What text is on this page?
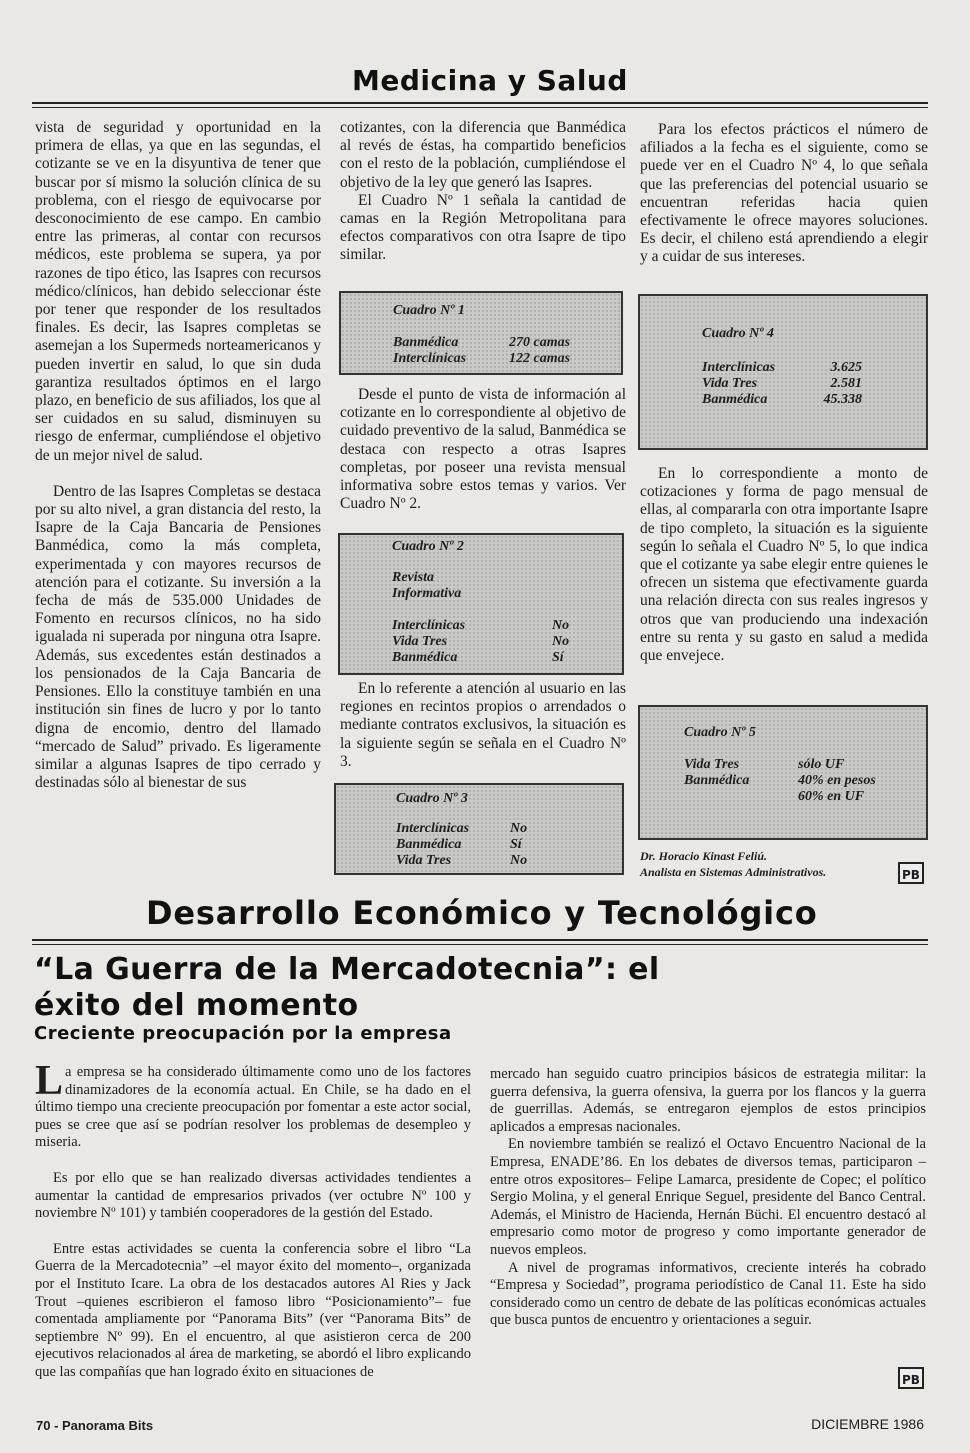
Medicina y Salud

vista de seguridad y oportunidad en la primera de ellas, ya que en las segundas, el cotizante se ve en la disyuntiva de tener que buscar por sí mismo la solución clínica de su problema, con el riesgo de equivocarse por desconocimiento de ese campo. En cambio entre las primeras, al contar con recursos médicos, este problema se supera, ya por razones de tipo ético, las Isapres con recursos médico/clínicos, han debido seleccionar éste por tener que responder de los resultados finales. Es decir, las Isapres completas se asemejan a los Supermeds norteamericanos y pueden invertir en salud, lo que sin duda garantiza resultados óptimos en el largo plazo, en beneficio de sus afiliados, los que al ser cuidados en su salud, disminuyen su riesgo de enfermar, cumpliéndose el objetivo de un mejor nivel de salud.

Dentro de las Isapres Completas se destaca por su alto nivel, a gran distancia del resto, la Isapre de la Caja Bancaria de Pensiones Banmédica, como la más completa, experimentada y con mayores recursos de atención para el cotizante. Su inversión a la fecha de más de 535.000 Unidades de Fomento en recursos clínicos, no ha sido igualada ni superada por ninguna otra Isapre. Además, sus excedentes están destinados a los pensionados de la Caja Bancaria de Pensiones. Ello la constituye también en una institución sin fines de lucro y por lo tanto digna de encomio, dentro del llamado “mercado de Salud” privado. Es ligeramente similar a algunas Isapres de tipo cerrado y destinadas sólo al bienestar de sus

cotizantes, con la diferencia que Banmédica al revés de éstas, ha compartido beneficios con el resto de la población, cumpliéndose el objetivo de la ley que generó las Isapres.

El Cuadro Nº 1 señala la cantidad de camas en la Región Metropolitana para efectos comparativos con otra Isapre de tipo similar.

Desde el punto de vista de información al cotizante en lo correspondiente al objetivo de cuidado preventivo de la salud, Banmédica se destaca con respecto a otras Isapres completas, por poseer una revista mensual informativa sobre estos temas y varios. Ver Cuadro Nº 2.

En lo referente a atención al usuario en las regiones en recintos propios o arrendados o mediante contratos exclusivos, la situación es la siguiente según se señala en el Cuadro Nº 3.

Cuadro Nº 1
Banmédica	270 camas
Interclínicas	122 camas
Cuadro Nº 2
Revista
Informativa
Interclínicas	No
Vida Tres	No
Banmédica	Sí
Cuadro Nº 3
Interclínicas	No
Banmédica	Sí
Vida Tres	No

Para los efectos prácticos el número de afiliados a la fecha es el siguiente, como se puede ver en el Cuadro Nº 4, lo que señala que las preferencias del potencial usuario se encuentran referidas hacia quien efectivamente le ofrece mayores soluciones. Es decir, el chileno está aprendiendo a elegir y a cuidar de sus intereses.

En lo correspondiente a monto de cotizaciones y forma de pago mensual de ellas, al compararla con otra importante Isapre de tipo completo, la situación es la siguiente según lo señala el Cuadro Nº 5, lo que indica que el cotizante ya sabe elegir entre quienes le ofrecen un sistema que efectivamente guarda una relación directa con sus reales ingresos y otros que van produciendo una indexación entre su renta y su gasto en salud a medida que envejece.

Cuadro Nº 4
Interclínicas	3.625
Vida Tres	2.581
Banmédica	45.338
Cuadro Nº 5
Vida Tres	sólo UF
Banmédica	40% en pesos
60% en UF
Dr. Horacio Kinast Feliú.
Analista en Sistemas Administrativos.	PB
Desarrollo Económico y Tecnológico
“La Guerra de la Mercadotecnia”: el
éxito del momento
Creciente preocupación por la empresa

La empresa se ha considerado últimamente como uno de los factores dinamizadores de la economía actual. En Chile, se ha dado en el último tiempo una creciente preocupación por fomentar a este actor social, pues se cree que así se podrían resolver los problemas de desempleo y miseria.

Es por ello que se han realizado diversas actividades tendientes a aumentar la cantidad de empresarios privados (ver octubre Nº 100 y noviembre Nº 101) y también cooperadores de la gestión del Estado.

Entre estas actividades se cuenta la conferencia sobre el libro “La Guerra de la Mercadotecnia” –el mayor éxito del momento–, organizada por el Instituto Icare. La obra de los destacados autores Al Ries y Jack Trout –quienes escribieron el famoso libro “Posicionamiento”– fue comentada ampliamente por “Panorama Bits” (ver “Panorama Bits” de septiembre Nº 99). En el encuentro, al que asistieron cerca de 200 ejecutivos relacionados al área de marketing, se abordó el libro explicando que las compañías que han logrado éxito en situaciones de

mercado han seguido cuatro principios básicos de estrategia militar: la guerra defensiva, la guerra ofensiva, la guerra por los flancos y la guerra de guerrillas. Además, se entregaron ejemplos de estos principios aplicados a empresas nacionales.

En noviembre también se realizó el Octavo Encuentro Nacional de la Empresa, ENADE’86. En los debates de diversos temas, participaron –entre otros expositores– Felipe Lamarca, presidente de Copec; el político Sergio Molina, y el general Enrique Seguel, presidente del Banco Central. Además, el Ministro de Hacienda, Hernán Büchi. El encuentro destacó al empresario como motor de progreso y como importante generador de nuevos empleos.

A nivel de programas informativos, creciente interés ha cobrado “Empresa y Sociedad”, programa periodístico de Canal 11. Este ha sido considerado como un centro de debate de las políticas económicas actuales que busca puntos de encuentro y orientaciones a seguir.

PB
70 - Panorama Bits	DICIEMBRE 1986
